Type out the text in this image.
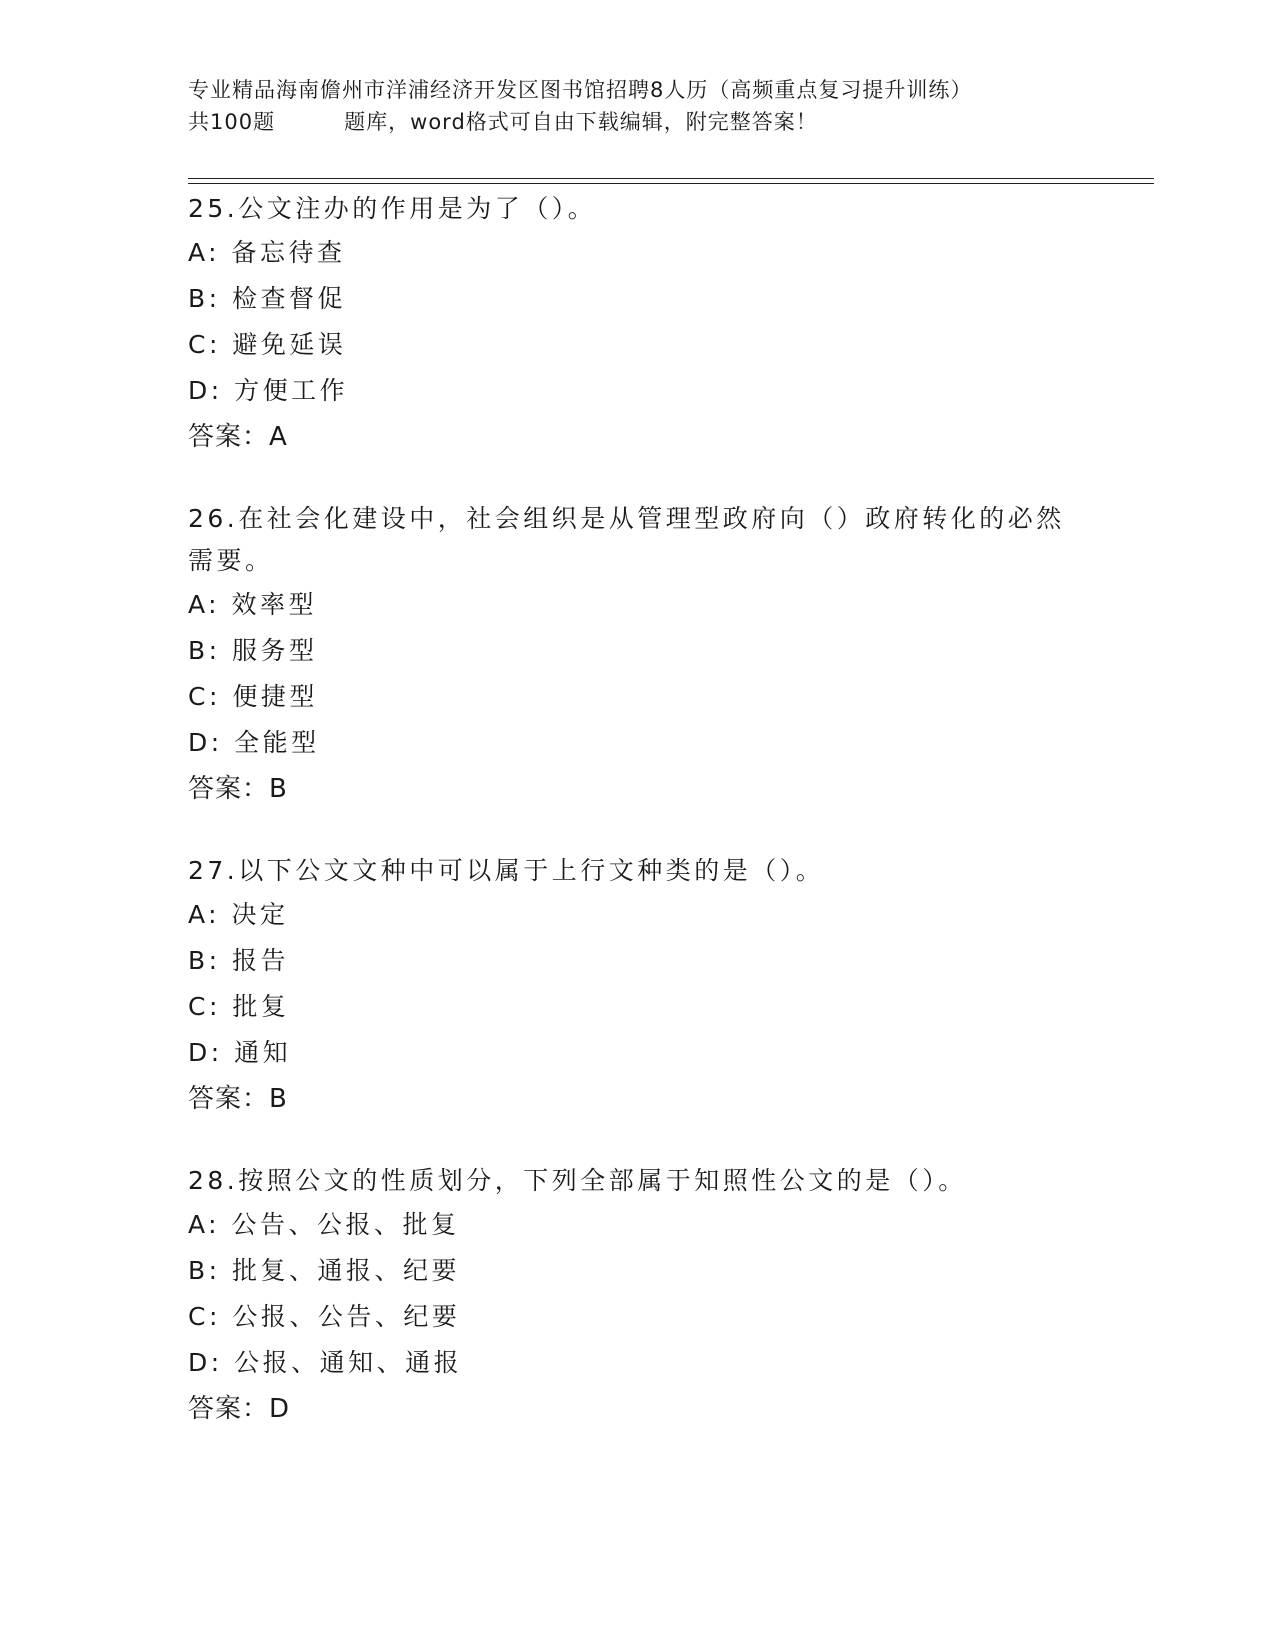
专业精品海南儋州市洋浦经济开发区图书馆招聘8人历（高频重点复习提升训练）
共100题         题库，word格式可自由下载编辑，附完整答案！

25.公文注办的作用是为了（）。

A: 备忘待查
B: 检查督促
C: 避免延误
D: 方便工作
答案：A

26.在社会化建设中，社会组织是从管理型政府向（）政府转化的必然需要。

A: 效率型
B: 服务型
C: 便捷型
D: 全能型
答案：B

27.以下公文文种中可以属于上行文种类的是（）。

A: 决定
B: 报告
C: 批复
D: 通知
答案：B

28.按照公文的性质划分，下列全部属于知照性公文的是（）。

A: 公告、公报、批复
B: 批复、通报、纪要
C: 公报、公告、纪要
D: 公报、通知、通报
答案：D
